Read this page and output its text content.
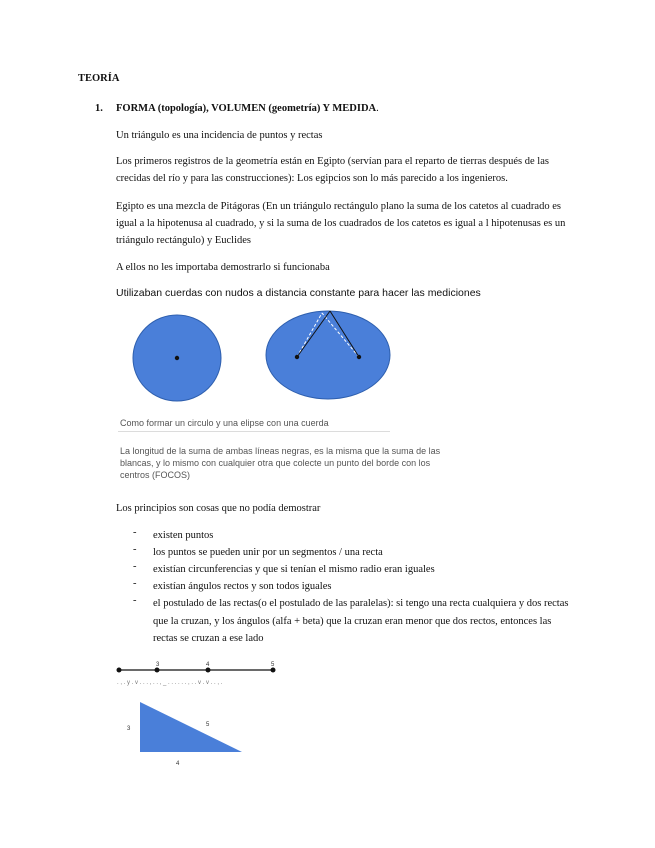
TEORÍA
1. FORMA (topología), VOLUMEN (geometría) Y MEDIDA.
Un triángulo es una incidencia de puntos y rectas
Los primeros registros de la geometría están en Egipto (servían para el reparto de tierras después de las
crecidas del río y para las construcciones): Los egipcios son lo más parecido a los ingenieros.
Egipto es una mezcla de Pitágoras (En un triángulo rectángulo plano la suma de los catetos al cuadrado es
igual a la hipotenusa al cuadrado, y si la suma de los cuadrados de los catetos es igual a l hipotenusas es un
triángulo rectángulo) y Euclides
A ellos no les importaba demostrarlo si funcionaba
Utilizaban cuerdas con nudos a distancia constante para hacer las mediciones
Como formar un circulo y una elipse con una cuerda
La longitud de la suma de ambas líneas negras, es la misma que la suma de las
blancas, y lo mismo con cualquier otra que colecte un punto del borde con los
centros (FOCOS)
Los principios son cosas que no podía demostrar
- existen puntos
- los puntos se pueden unir por un segmentos / una recta
- existían circunferencias y que si tenían el mismo radio eran iguales
- existían ángulos rectos y son todos iguales
- el postulado de las rectas(o el postulado de las paralelas): si tengo una recta cualquiera y dos rectas
que la cruzan, y los ángulos (alfa + beta) que la cruzan eran menor que dos rectos, entonces las
rectas se cruzan a ese lado
3	4	5
. , . y . v . . . , . . , _ . . . . . . , . . v . v . . , .
3
5
4
